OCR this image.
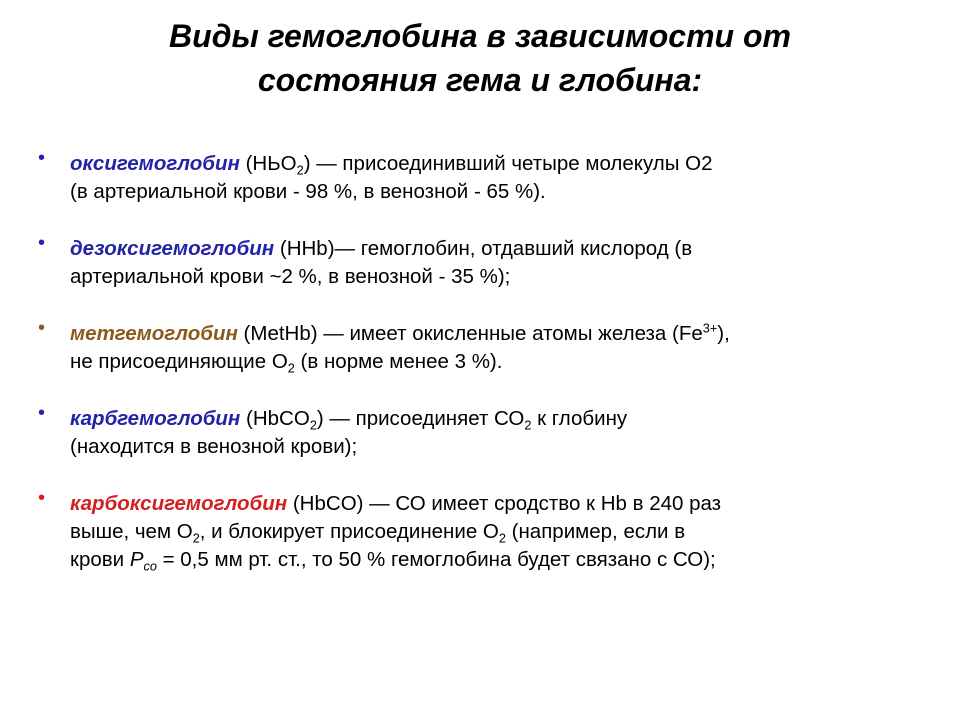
Виды гемоглобина в зависимости от
состояния гема и глобина:
• оксигемоглобин $(HЬO_2)$ — присоединивший четыре молекулы О2
(в артериальной крови - 98 %, в венозной - 65 %).
• дезоксигемоглобин (HHb)— гемоглобин, отдавший кислород (в
артериальной крови ~2 %, в венозной - 35 %);
• метгемоглобин (MetHb) — имеет окисленные атомы железа $(Fe^{3+})$,
не присоединяющие $О_2$ (в норме менее 3 %).
• карбгемоглобин (HbCO$_2$) — присоединяет $СО_2$ к глобину
(находится в венозной крови);
• карбоксигемоглобин (HbCO) — СО имеет сродство к Hb в 240 раз
выше, чем $О_2$, и блокирует присоединение $О_2$ (например, если в
крови $P_{co} = 0,5$ мм рт. ст., то 50 % гемоглобина будет связано с СО);
